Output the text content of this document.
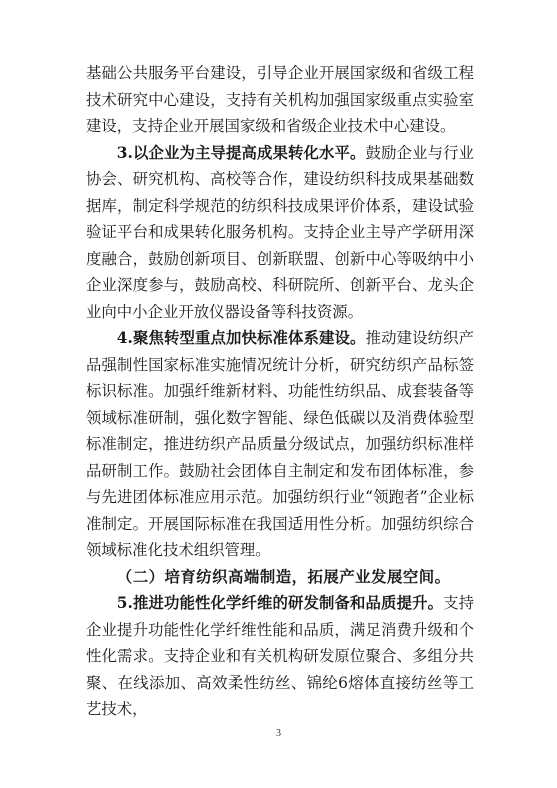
基础公共服务平台建设，引导企业开展国家级和省级工程技术研究中心建设，支持有关机构加强国家级重点实验室建设，支持企业开展国家级和省级企业技术中心建设。

3.以企业为主导提高成果转化水平。鼓励企业与行业协会、研究机构、高校等合作，建设纺织科技成果基础数据库，制定科学规范的纺织科技成果评价体系，建设试验验证平台和成果转化服务机构。支持企业主导产学研用深度融合，鼓励创新项目、创新联盟、创新中心等吸纳中小企业深度参与，鼓励高校、科研院所、创新平台、龙头企业向中小企业开放仪器设备等科技资源。

4.聚焦转型重点加快标准体系建设。推动建设纺织产品强制性国家标准实施情况统计分析，研究纺织产品标签标识标准。加强纤维新材料、功能性纺织品、成套装备等领域标准研制，强化数字智能、绿色低碳以及消费体验型标准制定，推进纺织产品质量分级试点，加强纺织标准样品研制工作。鼓励社会团体自主制定和发布团体标准，参与先进团体标准应用示范。加强纺织行业“领跑者”企业标准制定。开展国际标准在我国适用性分析。加强纺织综合领域标准化技术组织管理。

（二）培育纺织高端制造，拓展产业发展空间。

5.推进功能性化学纤维的研发制备和品质提升。支持企业提升功能性化学纤维性能和品质，满足消费升级和个性化需求。支持企业和有关机构研发原位聚合、多组分共聚、在线添加、高效柔性纺丝、锦纶6熔体直接纺丝等工艺技术，

3
